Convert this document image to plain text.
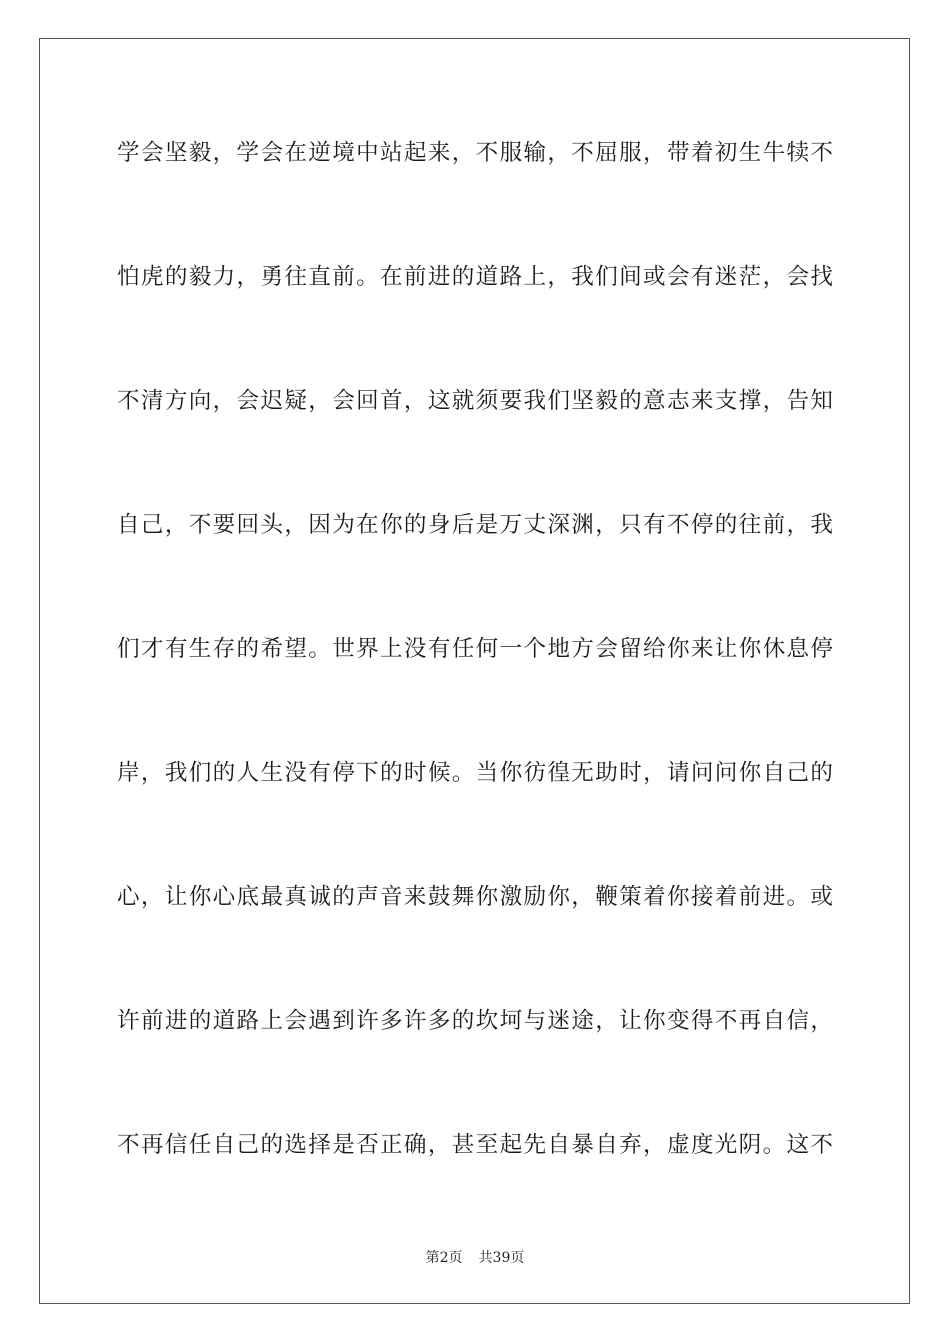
学会坚毅，学会在逆境中站起来，不服输，不屈服，带着初生牛犊不
怕虎的毅力，勇往直前。在前进的道路上，我们间或会有迷茫，会找
不清方向，会迟疑，会回首，这就须要我们坚毅的意志来支撑，告知
自己，不要回头，因为在你的身后是万丈深渊，只有不停的往前，我
们才有生存的希望。世界上没有任何一个地方会留给你来让你休息停
岸，我们的人生没有停下的时候。当你彷徨无助时，请问问你自己的
心，让你心底最真诚的声音来鼓舞你激励你，鞭策着你接着前进。或
许前进的道路上会遇到许多许多的坎坷与迷途，让你变得不再自信，
不再信任自己的选择是否正确，甚至起先自暴自弃，虚度光阴。这不
第2页 共39页
